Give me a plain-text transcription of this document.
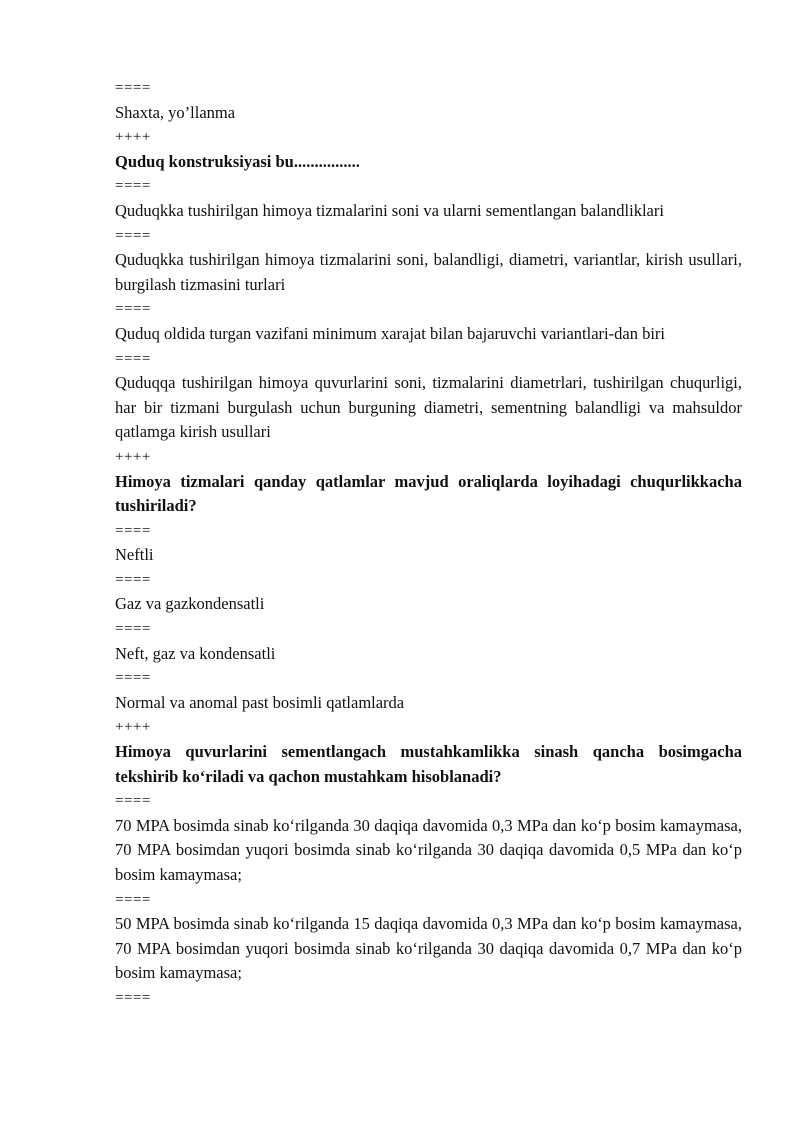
====
Shaxta, yo’llanma
++++
Quduq konstruksiyasi bu................
====
Quduqkka tushirilgan himoya tizmalarini soni va ularni sementlangan balandliklari
====
Quduqkka tushirilgan himoya tizmalarini soni, balandligi, diametri, variantlar, kirish usullari, burgilash tizmasini turlari
====
Quduq oldida turgan vazifani minimum xarajat bilan bajaruvchi variantlari-dan biri
====
Quduqqa tushirilgan himoya quvurlarini soni, tizmalarini diametrlari, tushirilgan chuqurligi, har bir tizmani burgulash uchun burguning diametri, sementning balandligi va mahsuldor qatlamga kirish usullari
++++
Himoya tizmalari qanday qatlamlar mavjud oraliqlarda loyihadagi chuqurlikkacha tushiriladi?
====
Neftli
====
Gaz va gazkondensatli
====
Neft, gaz va kondensatli
====
Normal va anomal past bosimli qatlamlarda
++++
Himoya quvurlarini sementlangach mustahkamlikka sinash qancha bosimgacha tekshirib ko‘riladi va qachon mustahkam hisoblanadi?
====
70 MPA bosimda sinab ko‘rilganda 30 daqiqa davomida 0,3 MPa dan ko‘p bosim kamaymasa, 70 MPA bosimdan yuqori bosimda sinab ko‘rilganda 30 daqiqa davomida 0,5 MPa dan ko‘p bosim kamaymasa;
====
50 MPA bosimda sinab ko‘rilganda 15 daqiqa davomida 0,3 MPa dan ko‘p bosim kamaymasa, 70 MPA bosimdan yuqori bosimda sinab ko‘rilganda 30 daqiqa davomida 0,7 MPa dan ko‘p bosim kamaymasa;
====
